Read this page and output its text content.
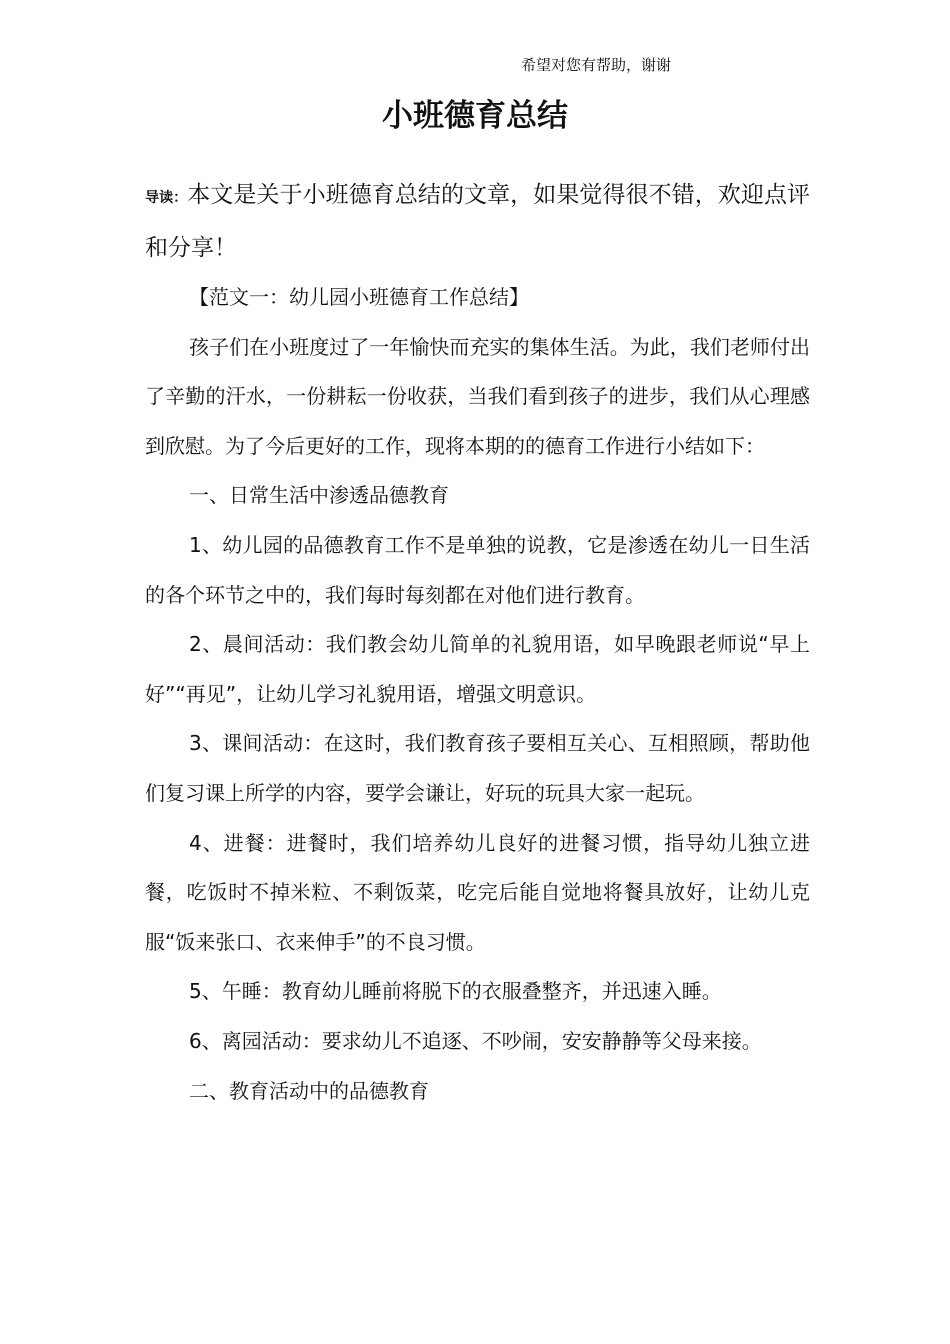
希望对您有帮助，谢谢
小班德育总结

导读：本文是关于小班德育总结的文章，如果觉得很不错，欢迎点评和分享！

【范文一：幼儿园小班德育工作总结】

孩子们在小班度过了一年愉快而充实的集体生活。为此，我们老师付出了辛勤的汗水，一份耕耘一份收获，当我们看到孩子的进步，我们从心理感到欣慰。为了今后更好的工作，现将本期的的德育工作进行小结如下：

一、日常生活中渗透品德教育

1、幼儿园的品德教育工作不是单独的说教，它是渗透在幼儿一日生活的各个环节之中的，我们每时每刻都在对他们进行教育。

2、晨间活动：我们教会幼儿简单的礼貌用语，如早晚跟老师说“早上好”“再见”，让幼儿学习礼貌用语，增强文明意识。

3、课间活动：在这时，我们教育孩子要相互关心、互相照顾，帮助他们复习课上所学的内容，要学会谦让，好玩的玩具大家一起玩。

4、进餐：进餐时，我们培养幼儿良好的进餐习惯，指导幼儿独立进餐，吃饭时不掉米粒、不剩饭菜，吃完后能自觉地将餐具放好，让幼儿克服“饭来张口、衣来伸手”的不良习惯。

5、午睡：教育幼儿睡前将脱下的衣服叠整齐，并迅速入睡。

6、离园活动：要求幼儿不追逐、不吵闹，安安静静等父母来接。

二、教育活动中的品德教育
